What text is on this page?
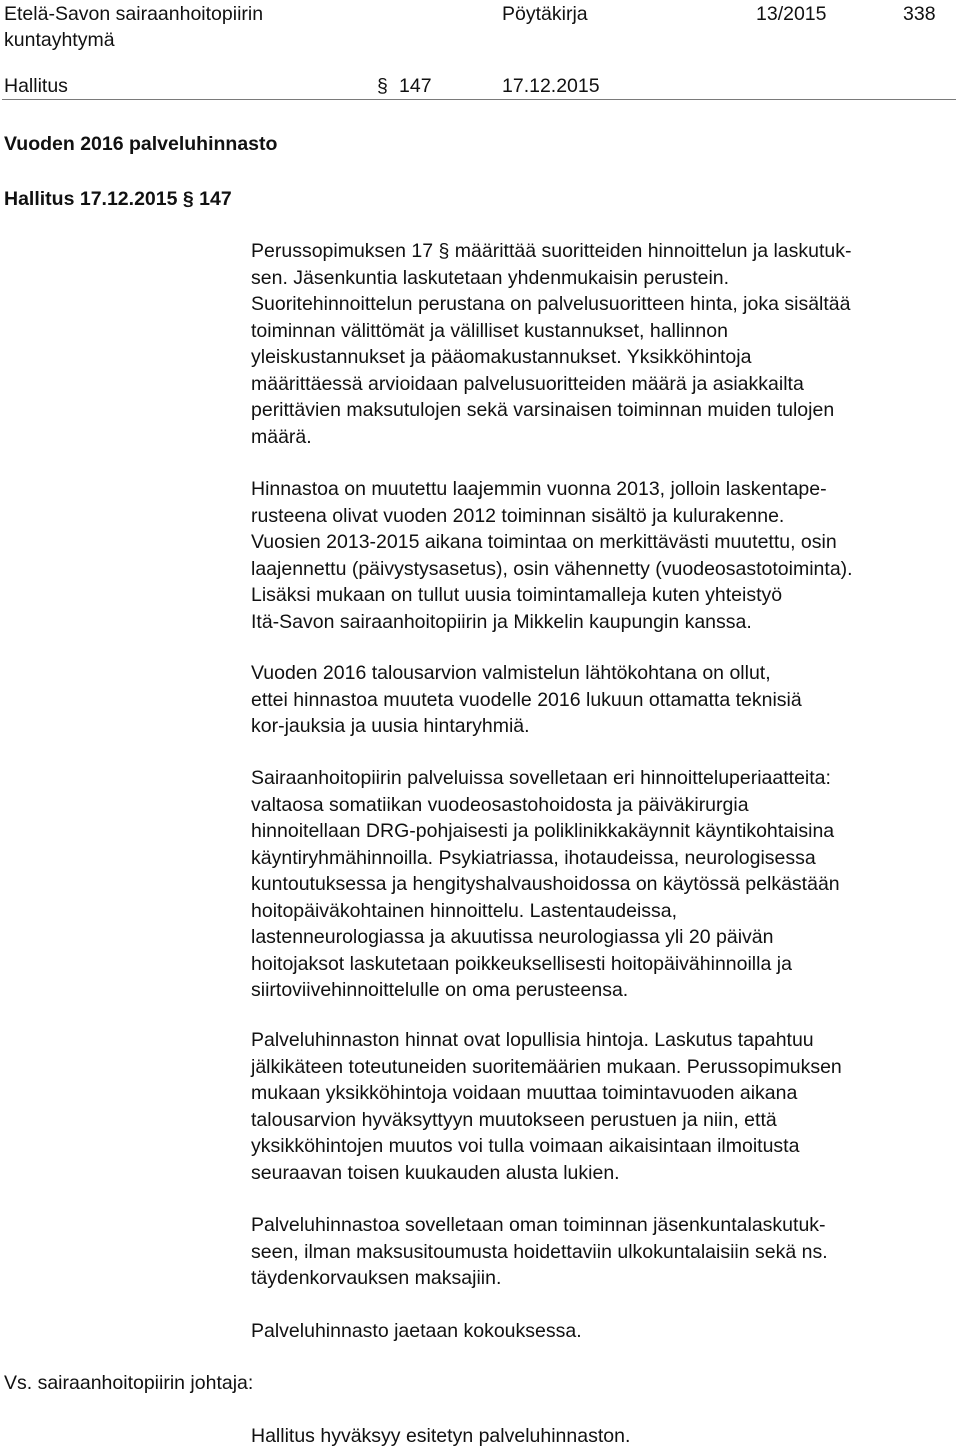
Etelä-Savon sairaanhoitopiirin
kuntayhtymä
Pöytäkirja	13/2015	338
Hallitus	§ 147	17.12.2015
Vuoden 2016 palveluhinnasto
Hallitus 17.12.2015 § 147
Perussopimuksen 17 § määrittää suoritteiden hinnoittelun ja laskutuk-
sen. Jäsenkuntia laskutetaan yhdenmukaisin perustein.
Suoritehinnoittelun perustana on palvelusuoritteen hinta, joka sisältää
toiminnan välittömät ja välilliset kustannukset, hallinnon
yleiskustannukset ja pääomakustannukset. Yksikköhintoja
määrittäessä arvioidaan palvelusuoritteiden määrä ja asiakkailta
perittävien maksutulojen sekä varsinaisen toiminnan muiden tulojen
määrä.
Hinnastoa on muutettu laajemmin vuonna 2013, jolloin laskentape-
rusteena olivat vuoden 2012 toiminnan sisältö ja kulurakenne.
Vuosien 2013-2015 aikana toimintaa on merkittävästi muutettu, osin
laajennettu (päivystysasetus), osin vähennetty (vuodeosastotoiminta).
Lisäksi mukaan on tullut uusia toimintamalleja kuten yhteistyö
Itä-Savon sairaanhoitopiirin ja Mikkelin kaupungin kanssa.
Vuoden 2016 talousarvion valmistelun lähtökohtana on ollut,
ettei hinnastoa muuteta vuodelle 2016 lukuun ottamatta teknisiä
kor-jauksia ja uusia hintaryhmiä.
Sairaanhoitopiirin palveluissa sovelletaan eri hinnoitteluperiaatteita:
valtaosa somatiikan vuodeosastohoidosta ja päiväkirurgia
hinnoitellaan DRG-pohjaisesti ja poliklinikkakäynnit käyntikohtaisina
käyntiryhmähinnoilla. Psykiatriassa, ihotaudeissa, neurologisessa
kuntoutuksessa ja hengityshalvaushoidossa on käytössä pelkästään
hoitopäiväkohtainen hinnoittelu. Lastentaudeissa,
lastenneurologiassa ja akuutissa neurologiassa yli 20 päivän
hoitojaksot laskutetaan poikkeuksellisesti hoitopäivähinnoilla ja
siirtoviivehinnoittelulle on oma perusteensa.
Palveluhinnaston hinnat ovat lopullisia hintoja. Laskutus tapahtuu
jälkikäteen toteutuneiden suoritemäärien mukaan. Perussopimuksen
mukaan yksikköhintoja voidaan muuttaa toimintavuoden aikana
talousarvion hyväksyttyyn muutokseen perustuen ja niin, että
yksikköhintojen muutos voi tulla voimaan aikaisintaan ilmoitusta
seuraavan toisen kuukauden alusta lukien.
Palveluhinnastoa sovelletaan oman toiminnan jäsenkuntalaskutuk-
seen, ilman maksusitoumusta hoidettaviin ulkokuntalaisiin sekä ns.
täydenkorvauksen maksajiin.
Palveluhinnasto jaetaan kokouksessa.
Vs. sairaanhoitopiirin johtaja:
Hallitus hyväksyy esitetyn palveluhinnaston.
